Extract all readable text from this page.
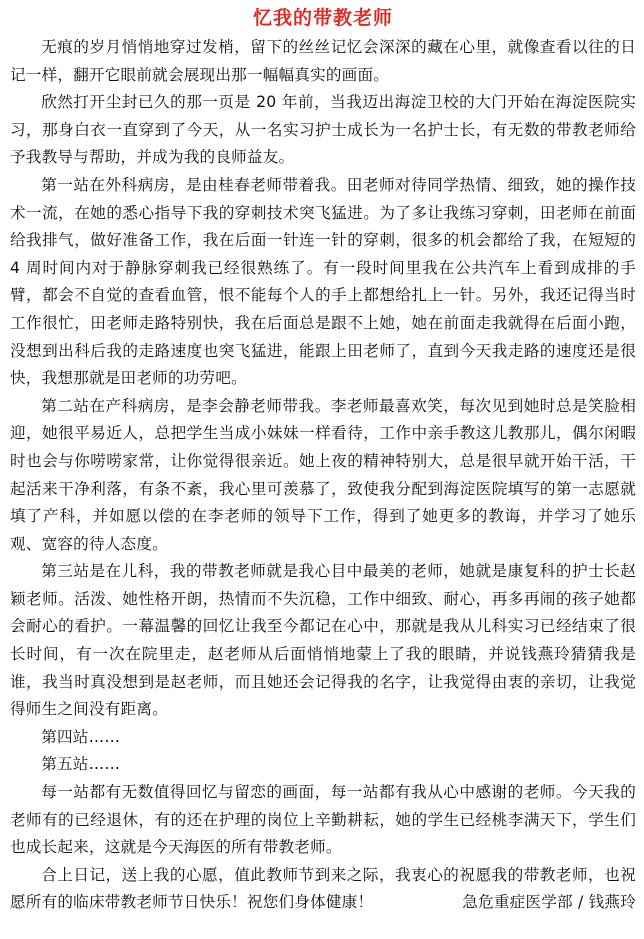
忆我的带教老师

无痕的岁月悄悄地穿过发梢，留下的丝丝记忆会深深的藏在心里，就像查看以往的日记一样，翻开它眼前就会展现出那一幅幅真实的画面。

欣然打开尘封已久的那一页是 20 年前，当我迈出海淀卫校的大门开始在海淀医院实习，那身白衣一直穿到了今天，从一名实习护士成长为一名护士长，有无数的带教老师给予我教导与帮助，并成为我的良师益友。

第一站在外科病房，是由桂春老师带着我。田老师对待同学热情、细致，她的操作技术一流，在她的悉心指导下我的穿刺技术突飞猛进。为了多让我练习穿刺，田老师在前面给我排气，做好准备工作，我在后面一针连一针的穿刺，很多的机会都给了我，在短短的 4 周时间内对于静脉穿刺我已经很熟练了。有一段时间里我在公共汽车上看到成排的手臂，都会不自觉的查看血管，恨不能每个人的手上都想给扎上一针。另外，我还记得当时工作很忙，田老师走路特别快，我在后面总是跟不上她，她在前面走我就得在后面小跑，没想到出科后我的走路速度也突飞猛进，能跟上田老师了，直到今天我走路的速度还是很快，我想那就是田老师的功劳吧。

第二站在产科病房，是李会静老师带我。李老师最喜欢笑，每次见到她时总是笑脸相迎，她很平易近人，总把学生当成小妹妹一样看待，工作中亲手教这儿教那儿，偶尔闲暇时也会与你唠唠家常，让你觉得很亲近。她上夜的精神特别大，总是很早就开始干活，干起活来干净利落，有条不紊，我心里可羡慕了，致使我分配到海淀医院填写的第一志愿就填了产科，并如愿以偿的在李老师的领导下工作，得到了她更多的教诲，并学习了她乐观、宽容的待人态度。

第三站是在儿科，我的带教老师就是我心目中最美的老师，她就是康复科的护士长赵颖老师。活泼、她性格开朗，热情而不失沉稳，工作中细致、耐心，再多再闹的孩子她都会耐心的看护。一幕温馨的回忆让我至今都记在心中，那就是我从儿科实习已经结束了很长时间，有一次在院里走，赵老师从后面悄悄地蒙上了我的眼睛，并说钱燕玲猜猜我是谁，我当时真没想到是赵老师，而且她还会记得我的名字，让我觉得由衷的亲切，让我觉得师生之间没有距离。

第四站……

第五站……

每一站都有无数值得回忆与留恋的画面，每一站都有我从心中感谢的老师。今天我的老师有的已经退休，有的还在护理的岗位上辛勤耕耘，她的学生已经桃李满天下，学生们也成长起来，这就是今天海医的所有带教老师。

合上日记，送上我的心愿，值此教师节到来之际，我衷心的祝愿我的带教老师，也祝愿所有的临床带教老师节日快乐！祝您们身体健康！	急危重症医学部 / 钱燕玲
